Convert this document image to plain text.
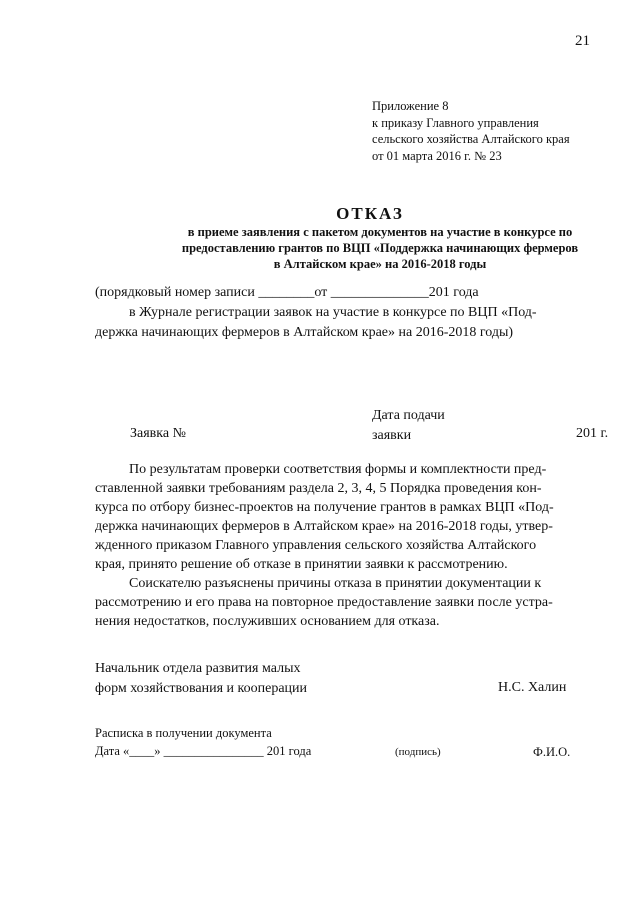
21
Приложение 8
к приказу Главного управления
сельского хозяйства Алтайского края
от 01 марта 2016 г. № 23
ОТКАЗ
в приеме заявления с пакетом документов на участие в конкурсе по
предоставлению грантов по ВЦП «Поддержка начинающих фермеров
в Алтайском крае» на 2016-2018 годы
(порядковый номер записи ________от ______________201 года
в Журнале регистрации заявок на участие в конкурсе по ВЦП «Под-
держка начинающих фермеров в Алтайском крае» на 2016-2018 годы)
Дата подачи
заявки
Заявка №	201 г.
По результатам проверки соответствия формы и комплектности пред-
ставленной заявки требованиям раздела 2, 3, 4, 5 Порядка проведения кон-
курса по отбору бизнес-проектов на получение грантов в рамках ВЦП «Под-
держка начинающих фермеров в Алтайском крае» на 2016-2018 годы, утвер-
жденного приказом Главного управления сельского хозяйства Алтайского
края, принято решение об отказе в принятии заявки к рассмотрению.
Соискателю разъяснены причины отказа в принятии документации к
рассмотрению и его права на повторное предоставление заявки после устра-
нения недостатков, послуживших основанием для отказа.
Начальник отдела развития малых
форм хозяйствования и кооперации	Н.С. Халин
Расписка в получении документа
Дата «____» ________________ 201 года	(подпись)	Ф.И.О.
